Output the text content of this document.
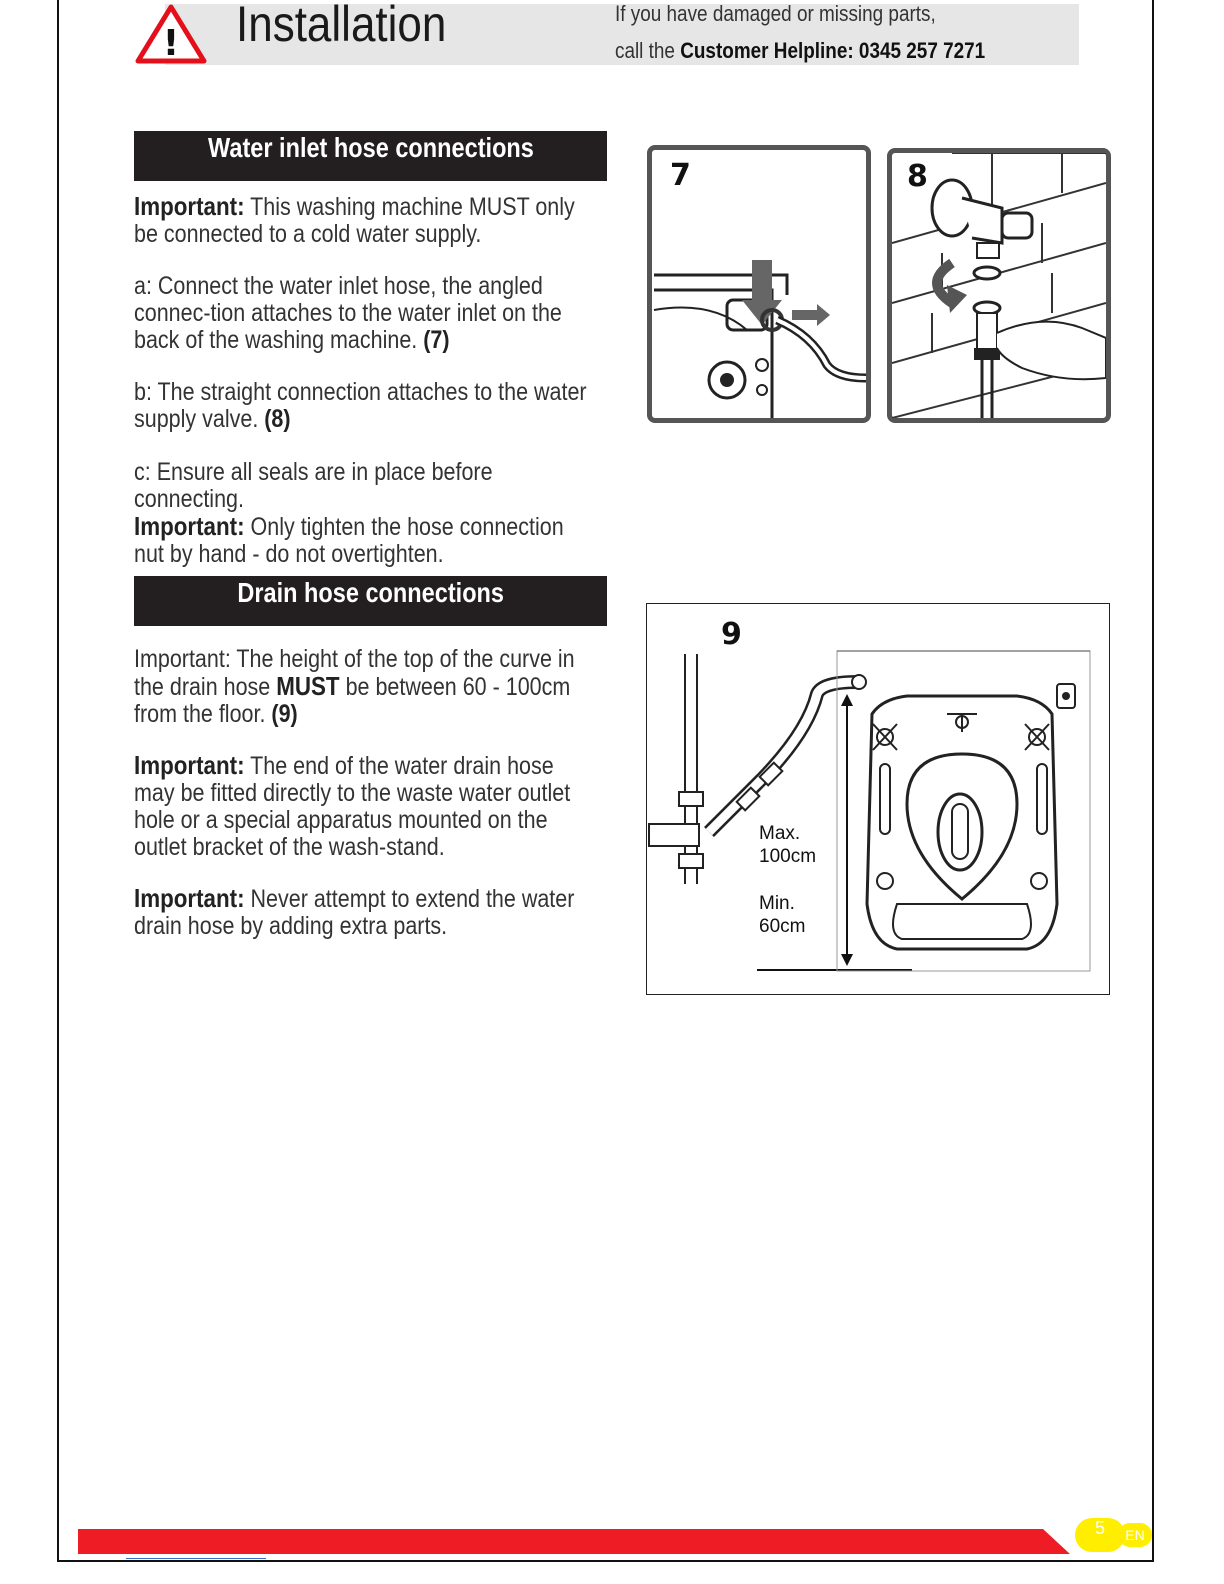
! Installation	If you have damaged or missing parts,
call the Customer Helpline: 0345 257 7271
Water inlet hose connections

Important: This washing machine MUST only be connected to a cold water supply.

a: Connect the water inlet hose, the angled connec-tion attaches to the water inlet on the back of the washing machine. (7)

b: The straight connection attaches to the water supply valve. (8)

c: Ensure all seals are in place before connecting.

Important: Only tighten the hose connection nut by hand - do not overtighten.

Drain hose connections

Important: The height of the top of the curve in the drain hose MUST be between 60 - 100cm from the floor. (9)

Important: The end of the water drain hose may be fitted directly to the waste water outlet hole or a special apparatus mounted on the outlet bracket of the wash-stand.

Important: Never attempt to extend the water drain hose by adding extra parts.

7	8
9
Max.
100cm
Min.
60cm
5	EN
